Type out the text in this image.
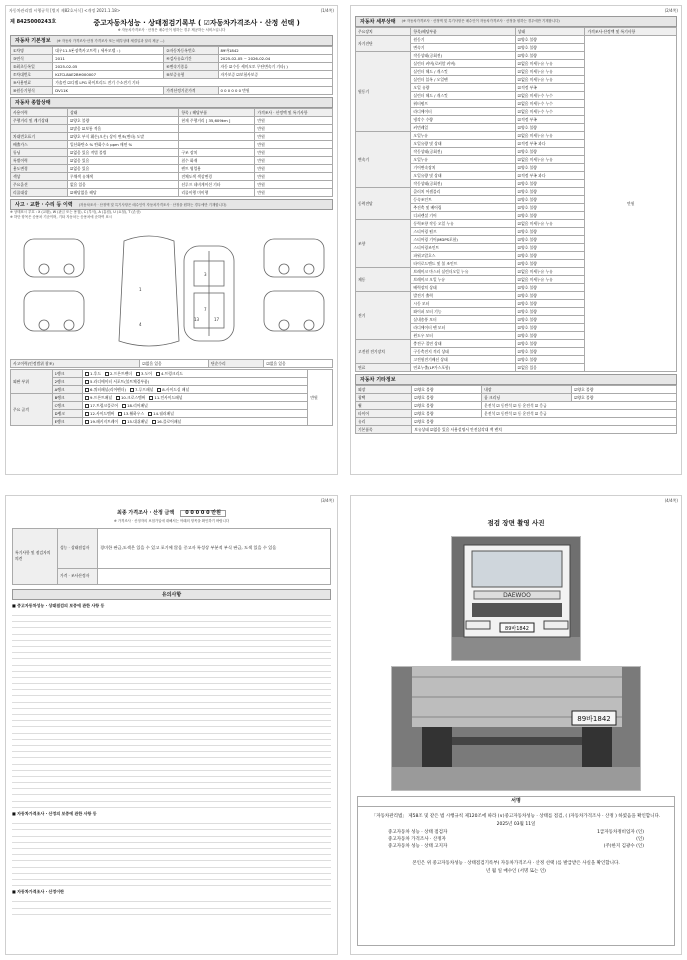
자동차관리법 시행규칙 [별지 제82호서식] <개정 2021.1.18>	(1/4쪽)
제 8425000243호	중고자동차성능 · 상태점검기록부 ( ☑자동차가격조사 · 산정 선택 )
※ 자동차가격조사 · 산정은 매수인이 원하는 경우 제공하는 서비스입니다
자동차 기본정보 (※ 자동차 가격조사·산정 가격조사 또는 배부상태 체결일과 달리 제공 ...)
①차명	대우11.5톤장축카고트럭 ( 세부모델 : )	②자동차등록번호	89바1842
③연식	2011	④검사유효기간	2025-02-05 ~ 2026-02-04
⑤최초등록일	2025-02-05	⑥변속기종류	자동 ☑수동 세미오토 무단변속기 기타( )
⑦차대번호	KLTCL8AE2BH000007	⑧보증유형	자가보증 ☑보험사보증
⑨사용연료	가솔린 ☑디젤 LPG 하이브리드 전기 수소전기 기타		
⑩원동기형식	DV11K	가격산정기준가격	0 0 0 0 0 0 만원
자동차 종합상태
사용이력	상태	항목 / 해당부품	가격조사 · 산정액 및 특기사항
주행거리 및 계기상태	☑양호 불량	현재 주행거리 [ 35,609km ]	만원
	☑많음 ☑보통 적음		만원
차대번호표기	☑양호 부식 훼손(오손) 상이 변조(변타) 도말		만원
배출가스	일산화탄소 % 탄화수소 ppm 매연 %		만원
튜닝	☑없음 있음 적법 불법	구조 장치	만원
특별이력	☑없음 있음	침수 화재	만원
용도변경	☑없음 있음	렌트 영업용	만원
색상	무채색 유채색	전체도색 색상변경	만원
주요옵션	없음 있음	선루프 네비게이션 기타	만원
리콜대상	☑해당없음 해당	리콜이행 미이행	만원
사고 · 교환 · 수리 등 이력 (자동차조사 · 산정액 및 특기사항은 매수인이 자동차가격조사 · 산정을 원하는 경우에만 기재합니다)
※ 상태표시 부호 : X (교환), W (판금 또는 용접), C (부식), A (흠집), U (요철), T (손상)
※ 하단 항목은 승용차 기준이며, 기타 자동차는 승용차에 준하여 표시
3
7
13	17
1
4
사고이력(인정범위 참조)	☑없음 있음	단순수리	☑없음 있음
외판 부위	1랭크	1.후드 2.프론트펜더 3.도어 4.트렁크리드	만원
	2랭크	5.라디에이터 서포트(볼트체결부품)	
	A랭크	6.쿼터패널(리어펜더) 7.루프패널 8.사이드실 패널	
주요 골격	B랭크	9.프론트패널 10.크로스멤버 11.인사이드패널	
	C랭크	17.트렁크플로어 18.리어패널	
	D랭크	12.사이드멤버 13.휠하우스 14.필러패널	
	E랭크	19.패키지트레이 15.대쉬패널 16.플로어패널	
(2/4쪽)
자동차 세부상태 (※ 자동차가격조사 · 산정액 및 특기사항은 매수인이 자동차가격조사 · 산정을 원하는 경우에만 기재합니다)
주요장치	항목/해당부품	상태	가격조사·산정액 및 특기사항
자기진단	원동기	☑양호 불량	만원
	변속기	☑양호 불량	
원동기	작동상태(공회전)	☑양호 불량	
	실린더 커버(로커암 커버)	☑없음 미세누유 누유	
	실린더 헤드 / 개스킷	☑없음 미세누유 누유	
	실린더 블록 / 오일팬	☑없음 미세누유 누유	
	오일 유량	☑적정 부족	
	실린더 헤드 / 개스킷	☑없음 미세누수 누수	
	워터펌프	☑없음 미세누수 누수	
	라디에이터	☑없음 미세누수 누수	
	냉각수 수량	☑적정 부족	
	커먼레일	☑양호 불량	
변속기	오일누유	☑없음 미세누유 누유	
	오일유량 및 상태	☑적정 부족 과다	
	작동상태(공회전)	☑양호 불량	
	오일누유	☑없음 미세누유 누유	
	기어변속장치	☑양호 불량	
	오일유량 및 상태	☑적정 부족 과다	
	작동상태(공회전)	☑양호 불량	
동력전달	클러치 어셈블리	☑양호 불량	
	등속조인트	☑양호 불량	
	추진축 및 베어링	☑양호 불량	
	디퍼렌셜 기어	☑양호 불량	
조향	동력조향 작동 오일 누유	☑없음 미세누유 누유	
	스티어링 펌프	☑양호 불량	
	스티어링 기어(MDPS포함)	☑양호 불량	
	스티어링조인트	☑양호 불량	
	파워고압호스	☑양호 불량	
	타이로드엔드 및 볼 조인트	☑양호 불량	
제동	브레이크 마스터 실린더오일 누유	☑없음 미세누유 누유	
	브레이크 오일 누유	☑없음 미세누유 누유	
	배력장치 상태	☑양호 불량	
전기	발전기 출력	☑양호 불량	
	시동 모터	☑양호 불량	
	와이퍼 모터 기능	☑양호 불량	
	실내송풍 모터	☑양호 불량	
	라디에이터 팬 모터	☑양호 불량	
	윈도우 모터	☑양호 불량	
고전원 전기장치	충전구 절연 상태	☑양호 불량	
	구동축전지 격리 상태	☑양호 불량	
	고전원전기배선 상태	☑양호 불량	
연료	연료누출(LP가스포함)	☑없음 있음	
자동차 기타정보
외장	☑양호 불량	내장	☑양호 불량
광택	☑양호 불량	룸 크리닝	☑양호 불량
휠	☑양호 불량	운전석 ☑ 동반석 ☑ 동 운전석 ☑ 응급	
타이어	☑양호 불량	운전석 ☑ 동반석 ☑ 동 운전석 ☑ 응급	
유리	☑양호 불량		
기본품목	보유상태 ☑없음 있음 사용설명서 안전삼각대 잭 렌치		
(3/4쪽)
최종 가격조사 · 산정 금액	0 0 0 0 0 만원
※ 가격조사 · 산정자의 보험가입에 대해서는 아래의 항목을 확인하기 바랍니다
특기사항 및 점검자의 의견	성능 · 상태점검자	경미한 판금,도색은 있을 수 있고 포기에 않음 중고자 특성상 부분적 부식 판금, 도색 있을 수 있음
	가격 · 조사산정자	
유의사항
■ 중고자동차성능 · 상태점검의 보증에 관한 사항 등
■ 자동차가격조사 · 산정의 보증에 관한 사항 등
■ 자동차가격조사 · 산정이란
(4/4쪽)
점검 장면 촬영 사진
DAEWOO
89바1842
89바1842
서명
「자동차관리법」 제58조 및 같은 법 시행규칙 제120조에 따라 (∨)중고자동차성능 · 상태를 점검, ( )자동차가격조사 · 산정 ) 하였음을 확인합니다.
2025년 03월 11일
중고자동차 성능 · 상태 점검자	1급자동차정비업자 (인)
중고자동차 가격조사 · 산정자	(인)
중고자동차 성능 · 상태 고지자	(주)한지 김광수 (인)
본인은 위 중고자동차성능 · 상태점검기록부( 자동차가격조사 · 산정 선택 )를 발급받은 사실을 확인합니다.
년 월 일 매수인 (서명 또는 인)
